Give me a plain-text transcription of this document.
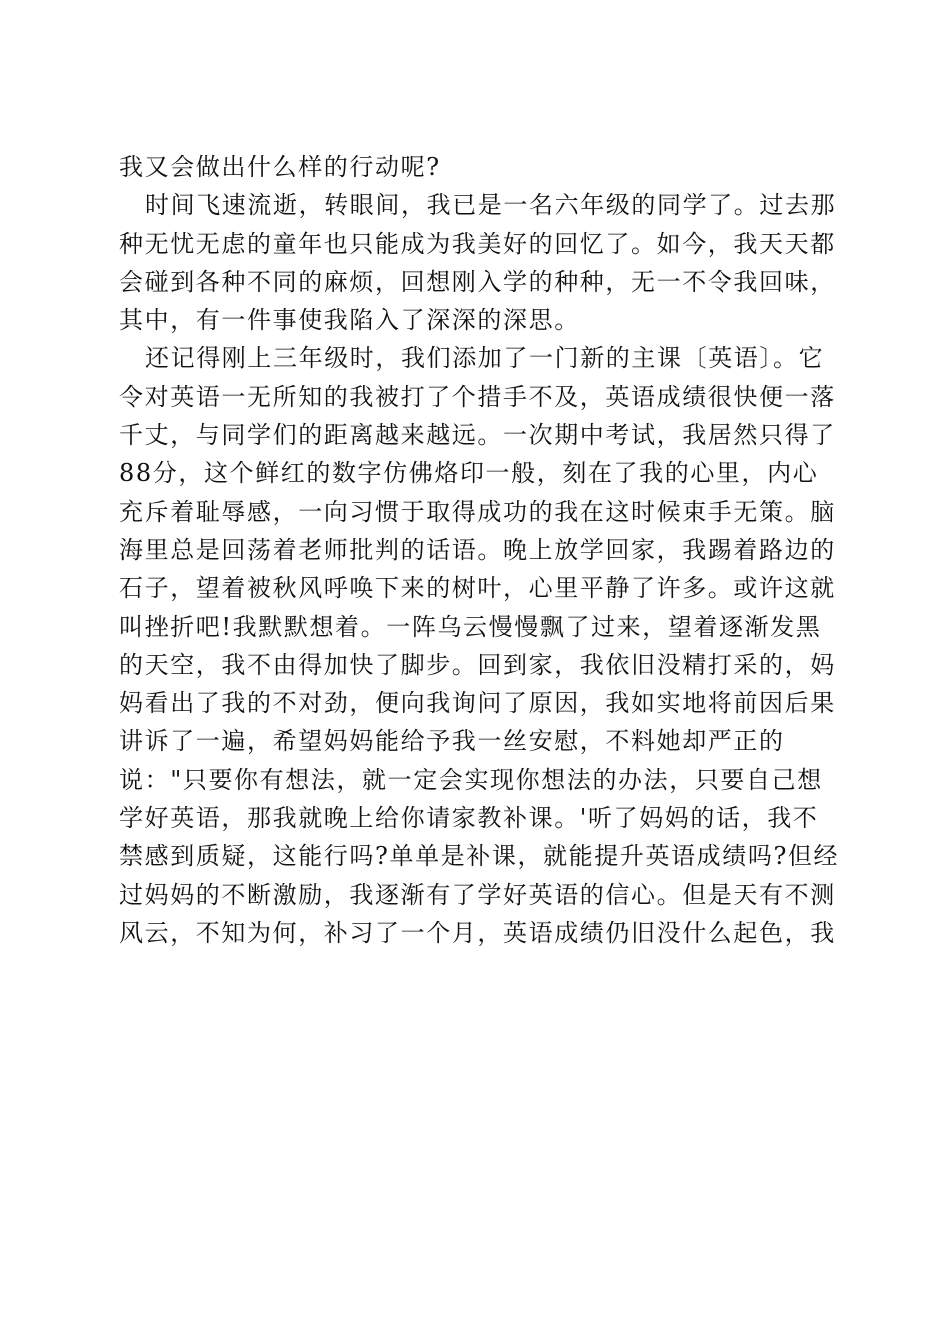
我又会做出什么样的行动呢?
时间飞速流逝，转眼间，我已是一名六年级的同学了。过去那
种无忧无虑的童年也只能成为我美好的回忆了。如今，我天天都
会碰到各种不同的麻烦，回想刚入学的种种，无一不令我回味，
其中，有一件事使我陷入了深深的深思。
还记得刚上三年级时，我们添加了一门新的主课〔英语〕。它
令对英语一无所知的我被打了个措手不及，英语成绩很快便一落
千丈，与同学们的距离越来越远。一次期中考试，我居然只得了
88分，这个鲜红的数字仿佛烙印一般，刻在了我的心里，内心
充斥着耻辱感，一向习惯于取得成功的我在这时候束手无策。脑
海里总是回荡着老师批判的话语。晚上放学回家，我踢着路边的
石子，望着被秋风呼唤下来的树叶，心里平静了许多。或许这就
叫挫折吧!我默默想着。一阵乌云慢慢飘了过来，望着逐渐发黑
的天空，我不由得加快了脚步。回到家，我依旧没精打采的，妈
妈看出了我的不对劲，便向我询问了原因，我如实地将前因后果
讲诉了一遍，希望妈妈能给予我一丝安慰，不料她却严正的
说："只要你有想法，就一定会实现你想法的办法，只要自己想
学好英语，那我就晚上给你请家教补课。'听了妈妈的话，我不
禁感到质疑，这能行吗?单单是补课，就能提升英语成绩吗?但经
过妈妈的不断激励，我逐渐有了学好英语的信心。但是天有不测
风云，不知为何，补习了一个月，英语成绩仍旧没什么起色，我
